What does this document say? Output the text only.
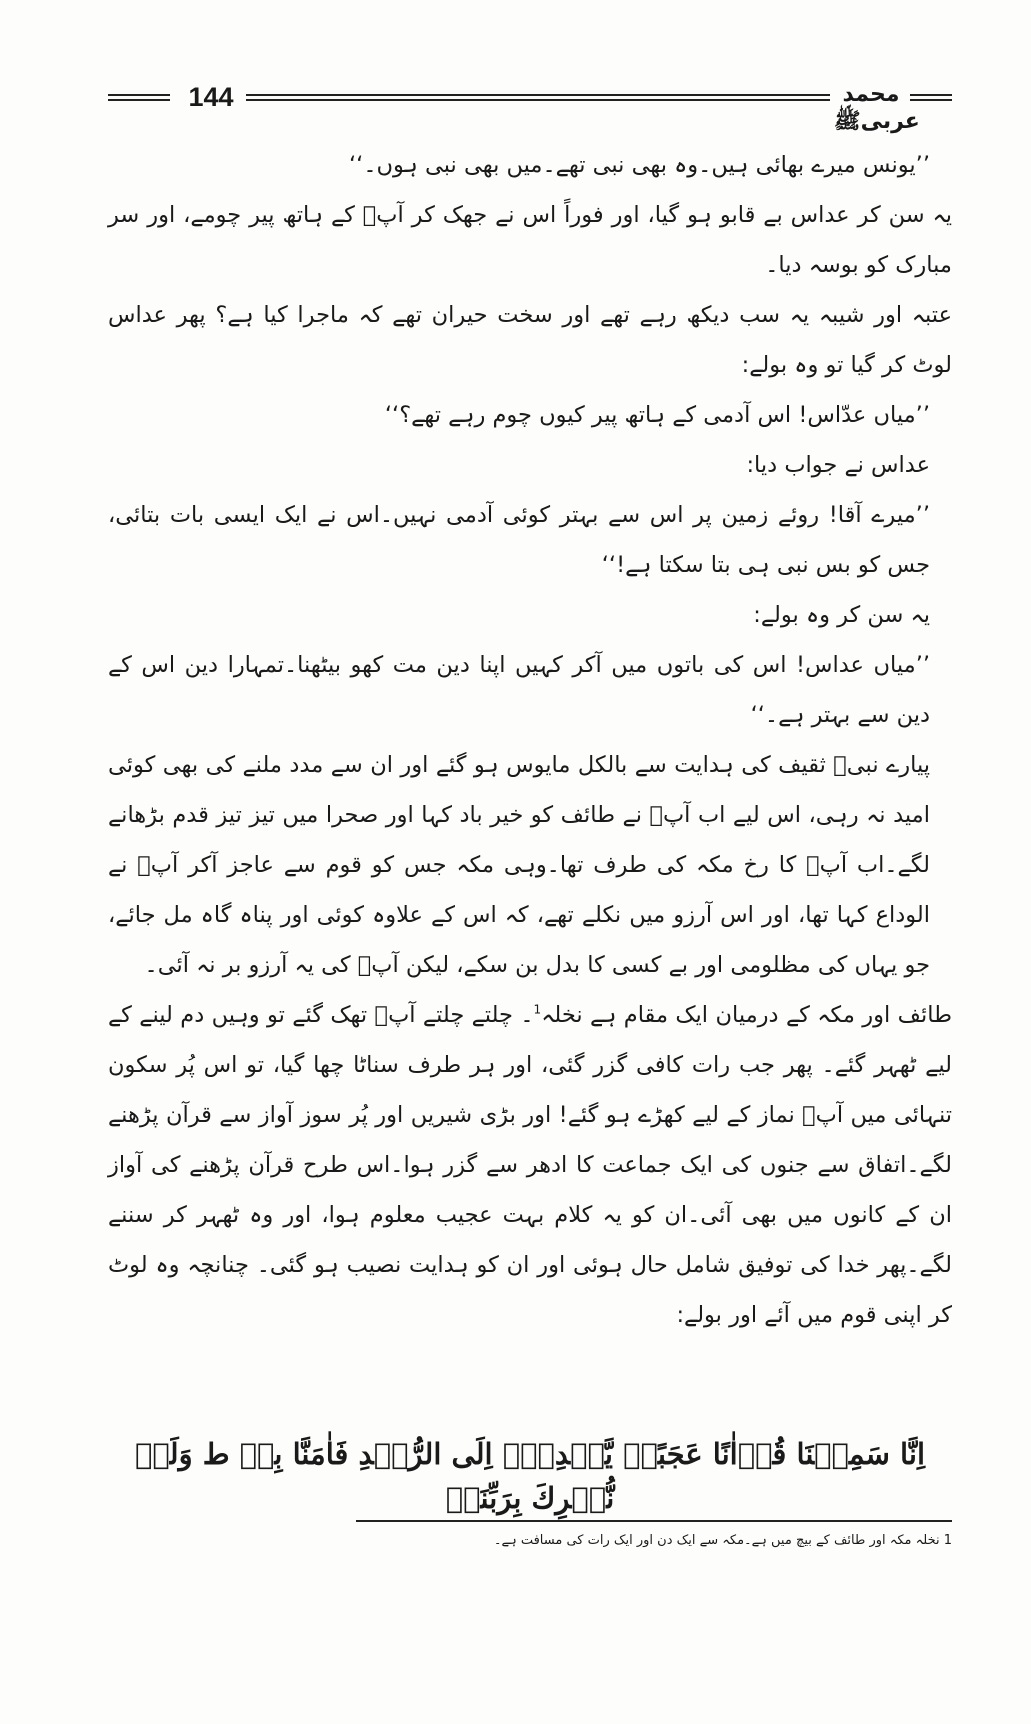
144	محمد عربیﷺ

’’یونس میرے بھائی ہیں۔وہ بھی نبی تھے۔میں بھی نبی ہوں۔‘‘

یہ سن کر عداس بے قابو ہو گیا، اور فوراً اس نے جھک کر آپؐ کے ہاتھ پیر چومے، اور سر مبارک کو بوسہ دیا۔

عتبہ اور شیبہ یہ سب دیکھ رہے تھے اور سخت حیران تھے کہ ماجرا کیا ہے؟ پھر عداس لوٹ کر گیا تو وہ بولے:

’’میاں عدّاس! اس آدمی کے ہاتھ پیر کیوں چوم رہے تھے؟‘‘

عداس نے جواب دیا:

’’میرے آقا! روئے زمین پر اس سے بہتر کوئی آدمی نہیں۔اس نے ایک ایسی بات بتائی، جس کو بس نبی ہی بتا سکتا ہے!‘‘

یہ سن کر وہ بولے:

’’میاں عداس! اس کی باتوں میں آکر کہیں اپنا دین مت کھو بیٹھنا۔تمہارا دین اس کے دین سے بہتر ہے۔‘‘

پیارے نبیؐ ثقیف کی ہدایت سے بالکل مایوس ہو گئے اور ان سے مدد ملنے کی بھی کوئی امید نہ رہی، اس لیے اب آپؐ نے طائف کو خیر باد کہا اور صحرا میں تیز تیز قدم بڑھانے لگے۔اب آپؐ کا رخ مکہ کی طرف تھا۔وہی مکہ جس کو قوم سے عاجز آکر آپؐ نے الوداع کہا تھا، اور اس آرزو میں نکلے تھے، کہ اس کے علاوہ کوئی اور پناہ گاہ مل جائے، جو یہاں کی مظلومی اور بے کسی کا بدل بن سکے، لیکن آپؐ کی یہ آرزو بر نہ آئی۔

طائف اور مکہ کے درمیان ایک مقام ہے نخلہ$^1$۔ چلتے چلتے آپؐ تھک گئے تو وہیں دم لینے کے لیے ٹھہر گئے۔ پھر جب رات کافی گزر گئی، اور ہر طرف سناٹا چھا گیا، تو اس پُر سکون تنہائی میں آپؐ نماز کے لیے کھڑے ہو گئے! اور بڑی شیریں اور پُر سوز آواز سے قرآن پڑھنے لگے۔اتفاق سے جنوں کی ایک جماعت کا ادھر سے گزر ہوا۔اس طرح قرآن پڑھنے کی آواز ان کے کانوں میں بھی آئی۔ان کو یہ کلام بہت عجیب معلوم ہوا، اور وہ ٹھہر کر سننے لگے۔پھر خدا کی توفیق شامل حال ہوئی اور ان کو ہدایت نصیب ہو گئی۔ چنانچہ وہ لوٹ کر اپنی قوم میں آئے اور بولے:

اِنَّا سَمِعۡنَا قُرۡاٰنًا عَجَبًاۙ يَّهۡدِىۡۤ اِلَى الرُّشۡدِ فَاٰمَنَّا بِهٖ ط وَلَنۡ نُّشۡرِكَ بِرَبِّنَاۤ
1 نخلہ مکہ اور طائف کے بیچ میں ہے۔مکہ سے ایک دن اور ایک رات کی مسافت ہے۔
